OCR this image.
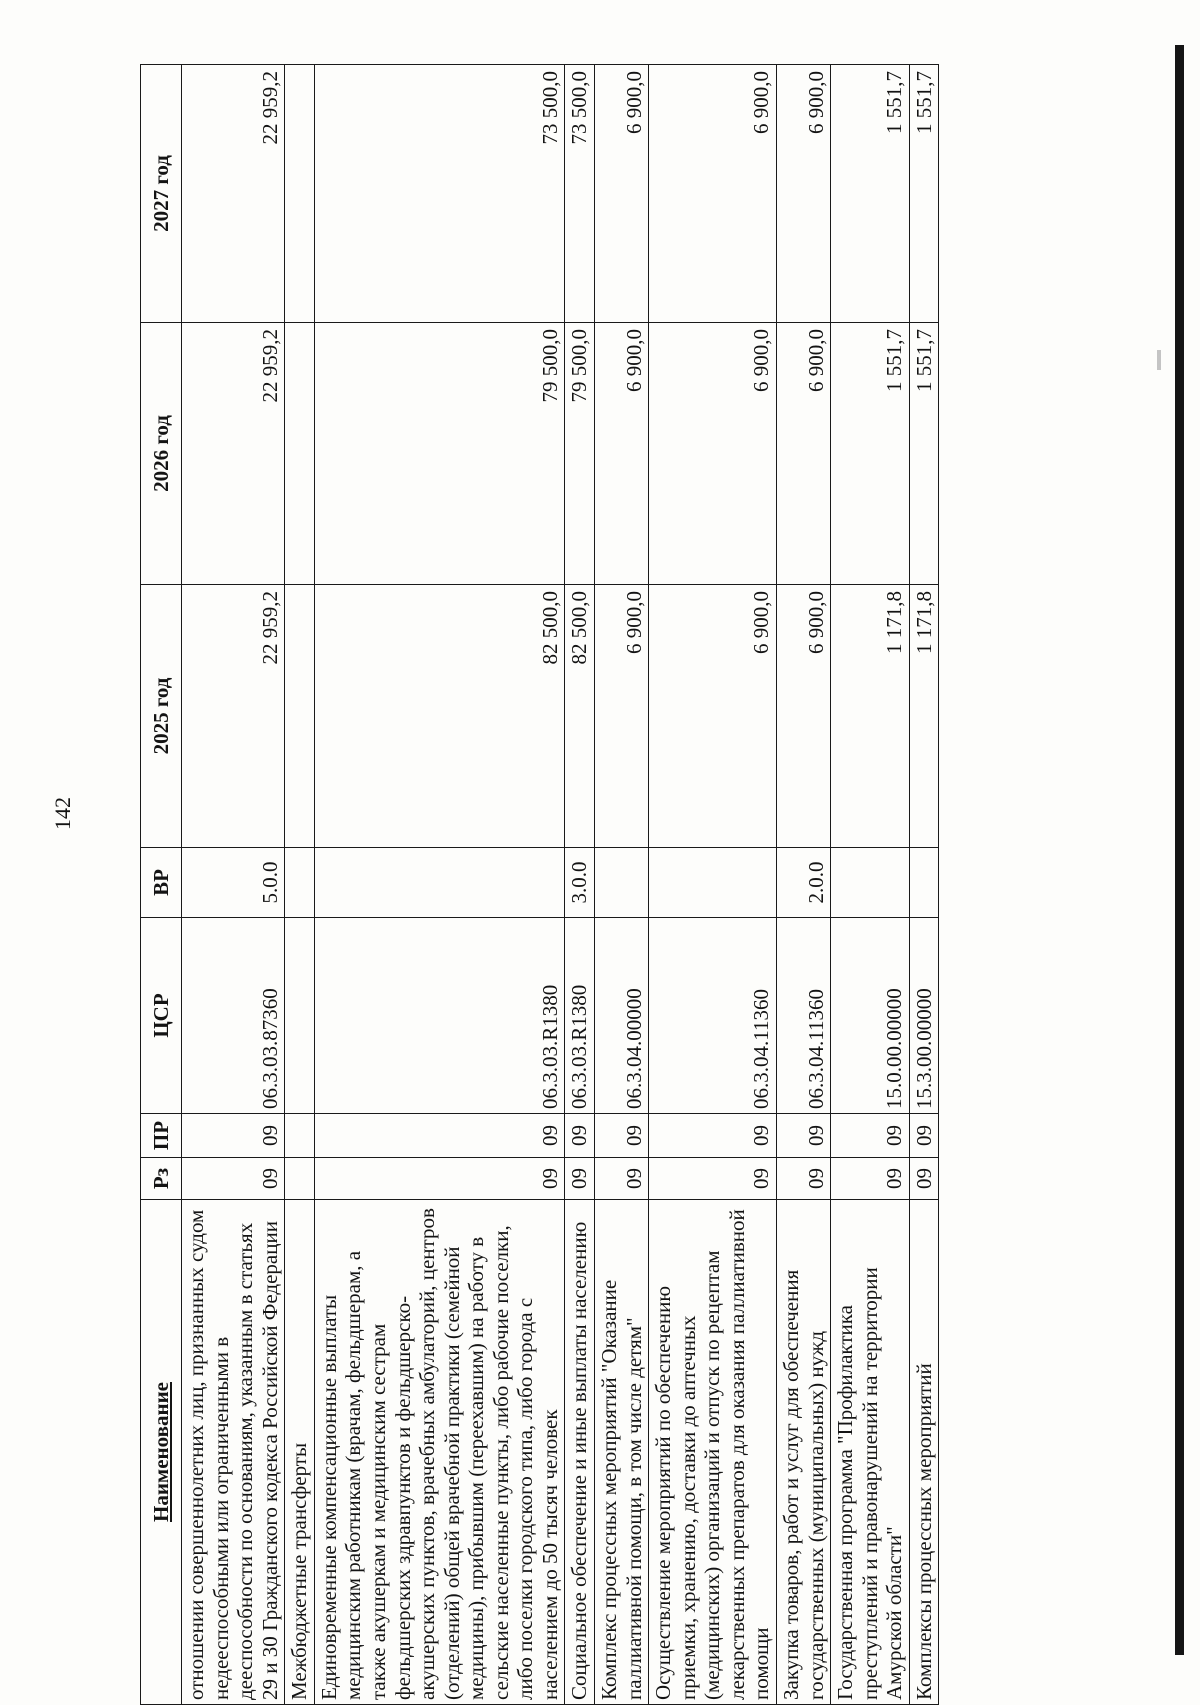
142
Наименование	Рз	ПР	ЦСР	ВР	2025 год	2026 год	2027 год
отношении совершеннолетних лиц, признанных судом недееспособными или ограниченными в дееспособности по основаниям, указанным в статьях 29 и 30 Гражданского кодекса Российской Федерации	09	09	06.3.03.87360	5.0.0	22 959,2	22 959,2	22 959,2
Межбюджетные трансферты							
Единовременные компенсационные выплаты медицинским работникам (врачам, фельдшерам, а также акушеркам и медицинским сестрам фельдшерских здравпунктов и фельдшерско-акушерских пунктов, врачебных амбулаторий, центров (отделений) общей врачебной практики (семейной медицины), прибывшим (переехавшим) на работу в сельские населенные пункты, либо рабочие поселки, либо поселки городского типа, либо города с населением до 50 тысяч человек	09	09	06.3.03.R1380		82 500,0	79 500,0	73 500,0
Социальное обеспечение и иные выплаты населению	09	09	06.3.03.R1380	3.0.0	82 500,0	79 500,0	73 500,0
Комплекс процессных мероприятий "Оказание паллиативной помощи, в том числе детям"	09	09	06.3.04.00000		6 900,0	6 900,0	6 900,0
Осуществление мероприятий по обеспечению приемки, хранению, доставки до аптечных (медицинских) организаций и отпуск по рецептам лекарственных препаратов для оказания паллиативной помощи	09	09	06.3.04.11360		6 900,0	6 900,0	6 900,0
Закупка товаров, работ и услуг для обеспечения государственных (муниципальных) нужд	09	09	06.3.04.11360	2.0.0	6 900,0	6 900,0	6 900,0
Государственная программа "Профилактика преступлений и правонарушений на территории Амурской области"	09	09	15.0.00.00000		1 171,8	1 551,7	1 551,7
Комплексы процессных мероприятий	09	09	15.3.00.00000		1 171,8	1 551,7	1 551,7
